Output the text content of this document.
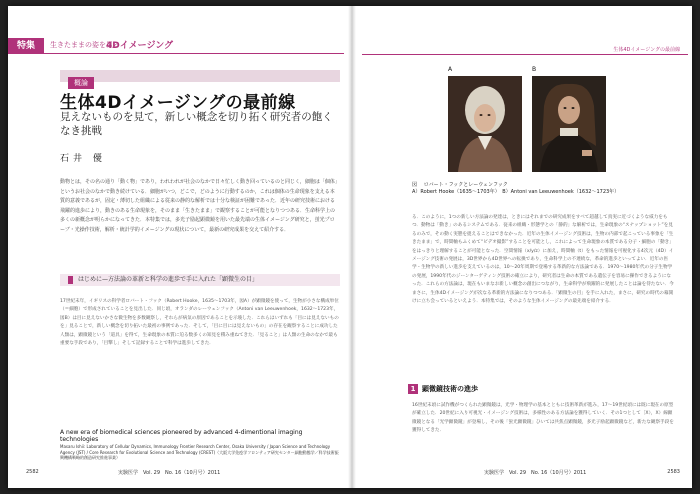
特集	生きたままの姿を見る
4Dイメージング
概論
生体4Dイメージングの最前線
見えないものを見て，新しい概念を切り拓く研究者の飽くなき挑戦
石井 優
動物とは，その名の通り「動く物」であり，われわれが社会のなかで日々忙しく動き回っているのと同じく，細胞は「個体」というお社会のなかで動き続けている．細胞がいつ，どこで，どのように行動するのか，これは個体の生命現象を支える本質的意義であるが，固定・薄切した組織による従来の静的な解析では十分な検証が困難であった．近年の研究技術における飛躍的進歩により，動きのある生命現象を，そのまま「生きたまま」で観察することが可能となりつつある．生命科学上の多くの新概念が明らかになってきた．本特集では，多光子励起顕微鏡を用いた最先端の生体イメージング研究と，蛍光プローブ・光操作技術，解析・統計学的イメージングの現状について，最新の研究成果を交えて紹介する．
はじめに—方法論の革新と科学の進歩で手に入れた「顕微生の目」
17世紀末年，イギリスの科学者ロバート・フック（Robert Hooke，1635〜1703年，図A）が顕微鏡を使って，生物が小さな構成単位（＝細胞）で形成されていることを見出した．同じ頃，オランダのレーウェンフック（Antoni van Leeuwenhoek，1632〜1723年，図B）は目に見えないかさな微生物を多数観察し，それらが病気の原因であることを示唆した．これらはいずれも「目には見えないものを」見ることで，新しい概念を切り拓いた最初の事例であった．そして，「目に目には見えないもの」の存在を観察することに成功した人類は，顕微鏡という「道具」を得て，生命現象の本質に迫る数多くの知見を積み重ねてきた．「見ること」は人類の生命のなかで最も重要な手段であり，「目撃し」そして記録することで科学は進歩してきた．
A new era of biomedical sciences pioneered by advanced 4-dimentional imaging technologies
Masaru Ishii: Laboratory of Cellular Dynamics, Immunology Frontier Research Center, Osaka University / Japan Science and Technology Agency (JST) / Core Research for Evolutional Science and Technology (CREST)（大阪大学免疫学フロンティア研究センター細胞動態学／科学技術振興機構戦略的創造研究推進事業）
2582	実験医学　Vol. 29　No. 16（10月号）2011
生体4Dイメージングの最前線
A	B
図　 ロバート・フックとレーウェンフック
A）Robert Hooke（1635〜1703年）　B）Antoni van Leeuwenhoek（1632〜1723年）
る．このように，1つの新しい方法論の発達は，ときにはそれまでの研究成果をすべて超越して真実に近づくような威力をもつ．動物は「動き」のあるシステムである．従来の組織・形態学との「静的」な解析では，生命現象の“スナップショット”を見るのみで，その動く実態を捉えることはできなかった．近年の生体イメージング技術は，生物の内部で起こっている事象を「生きたまま」で，時間軸もふくめて“ビデオ撮影”することを可能とし，これによって生命現象の本質である分子・細胞の「動き」をはっきりと理解することが可能となった．空間情報（x/y/z）に加え，時間軸（t）をもった情報を可視化する4次元（4D）イメージング技術の発展は，3D世界から4D世界への転換であり，生命科学上の不連続な，革命的進歩といってよい．近年の医学・生物学の新しい進歩を支えているのは，10〜20年周期で登場する革新的な方法論である．1970〜1980年代の分子生物学の発展，1990年代のジーンターゲティング技術の確立により，研究者は生命の本質である遺伝子を容易に操作できるようになった．これらの方法論は，現在もいまなお新しい概念の創出につながり，生命科学が飛躍的に発展したことは論を待たない．今まさに，生体4Dイメージングが次なる革新的方法論になりつつある．「顕微生の目」を手に入れた，まさに，研究の時代の幕開けに立ち会っているといえよう．本特集では，そのような生体イメージングの最先端を紹介する．
1 顕微鏡技術の進歩
16世紀末頃に試作機がつくられた顕微鏡は，光学・物理学の基本とともに技術革新が進み，17〜19世紀頃には既に現在の原型が確立した．20世紀に入り可視光・イメージング技術は，多様性のある方法論を獲得していく．その1つとして［X），X）線顕微鏡となる「光学顕微鏡」が登場し，その後「蛍光顕微鏡」ひいては共焦点顕微鏡，多光子励起顕微鏡など，新たな観察手段を獲得してきた．
実験医学　Vol. 29　No. 16（10月号）2011	2583
